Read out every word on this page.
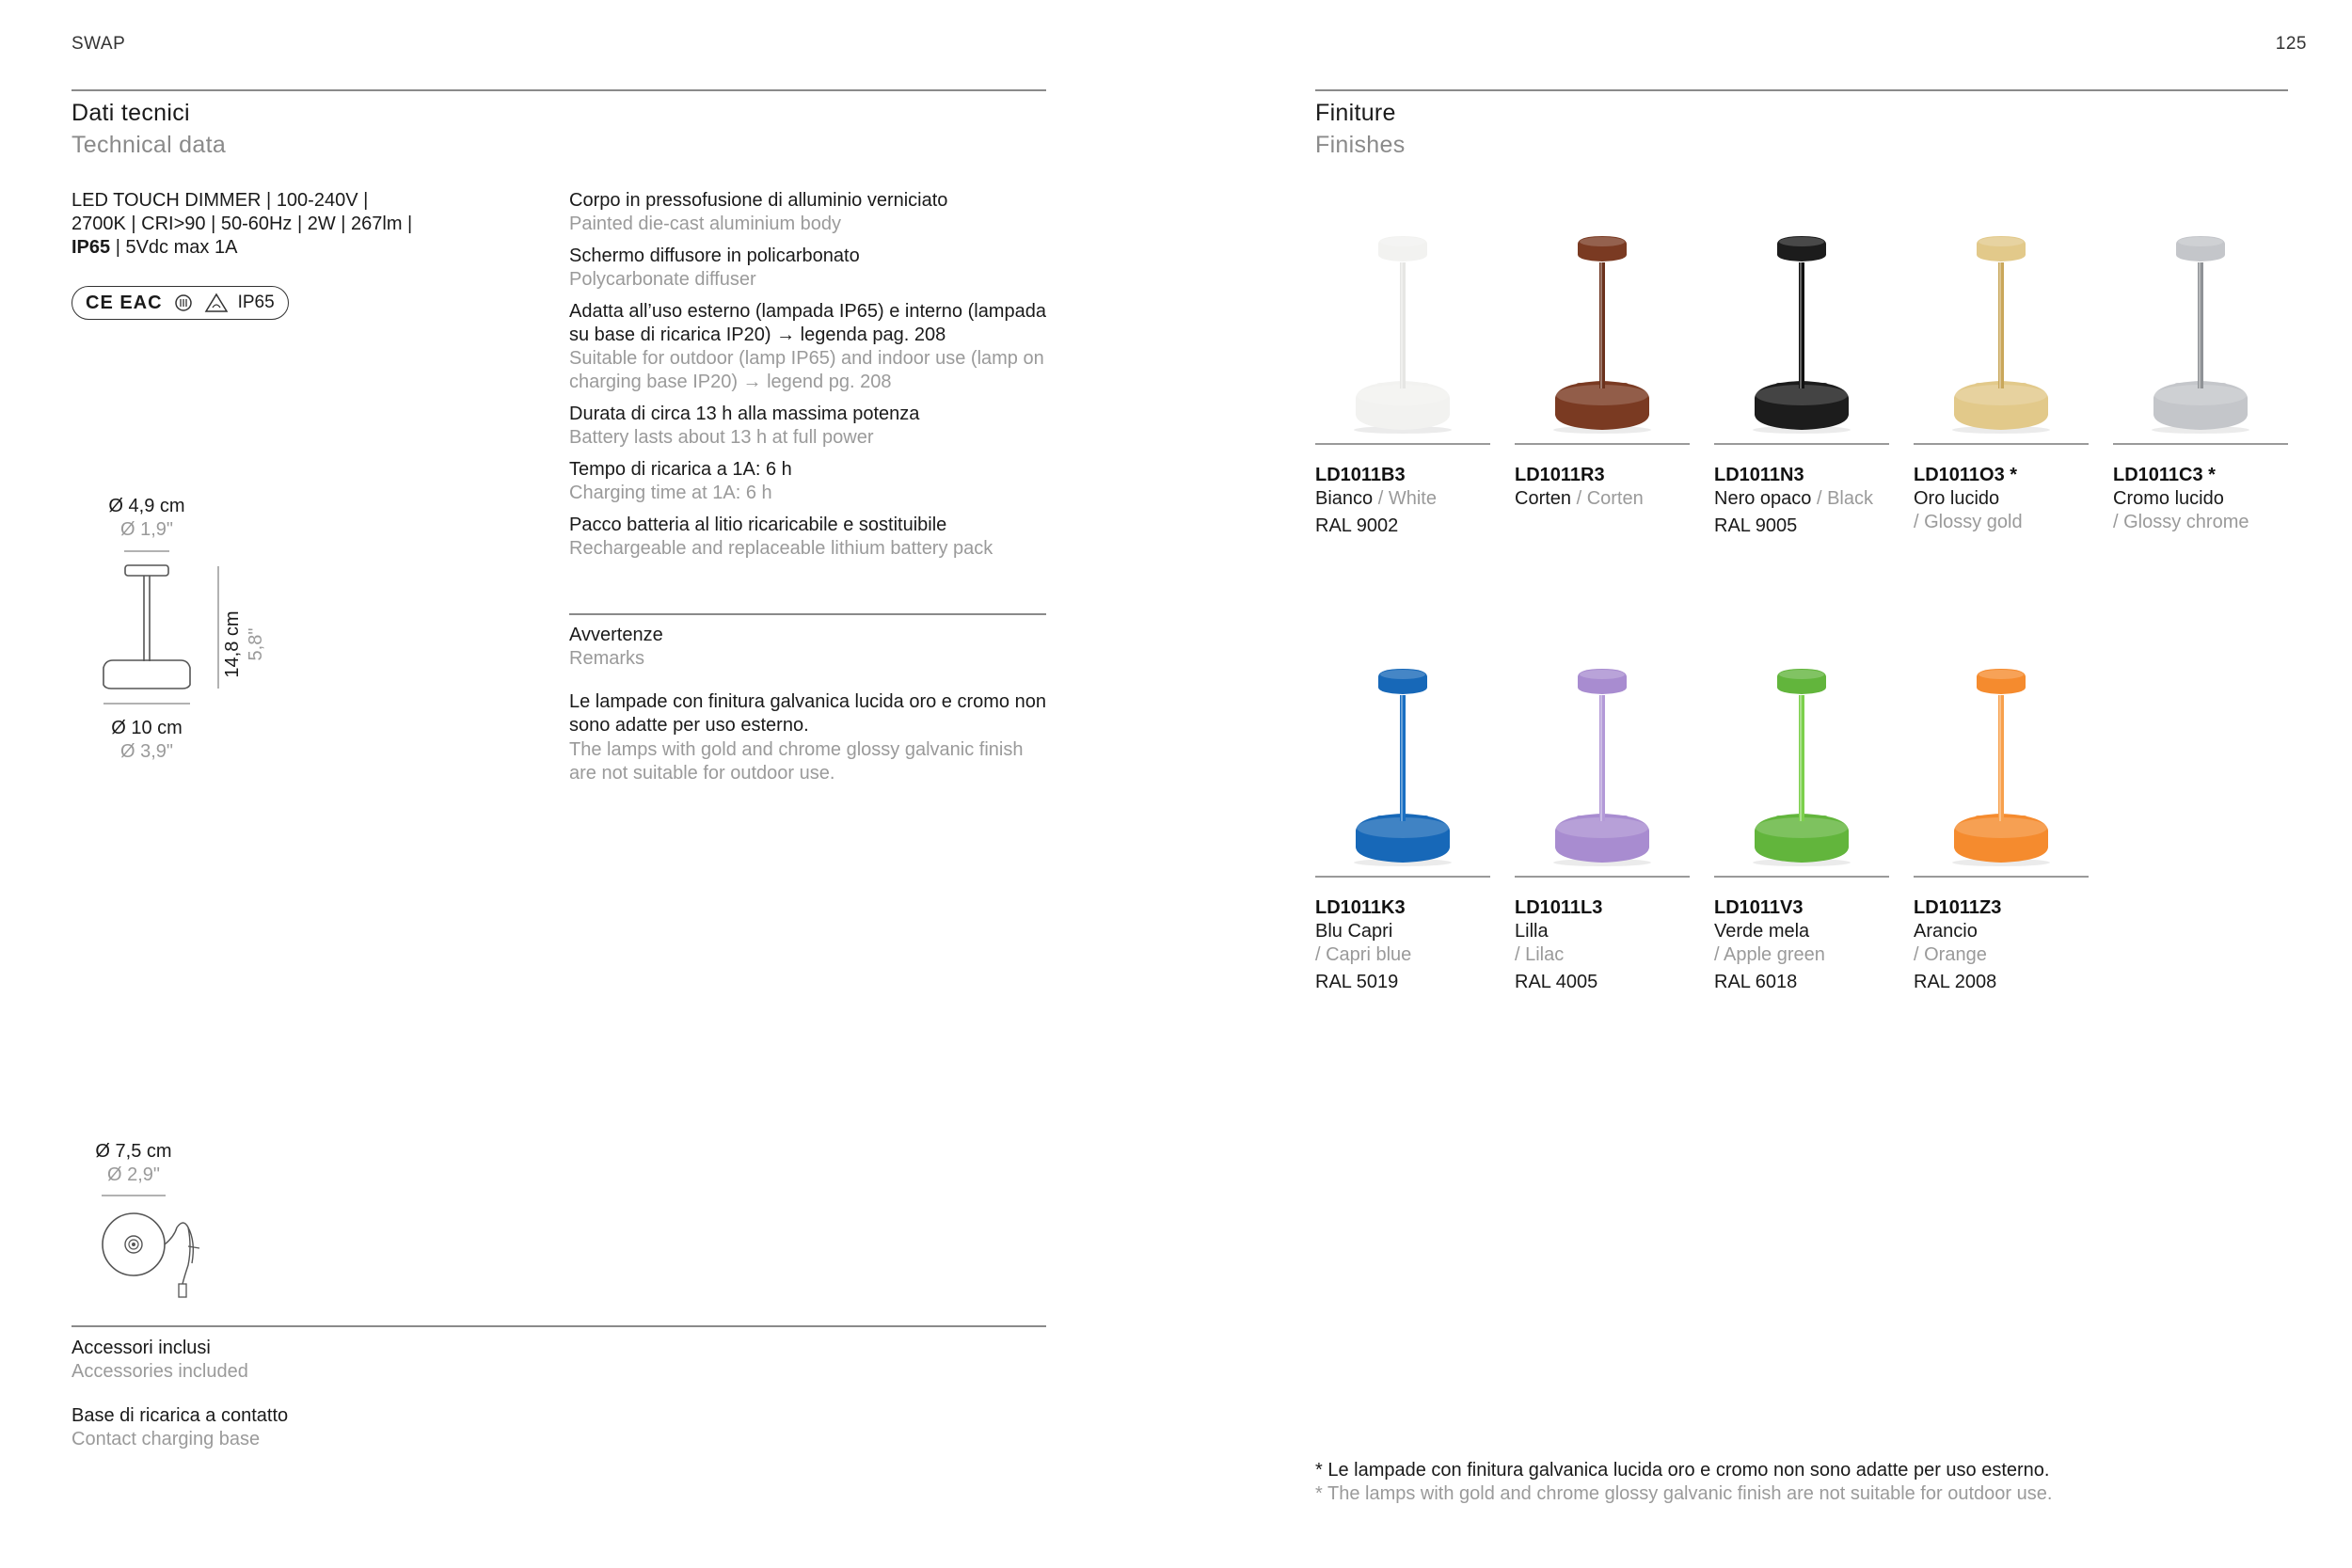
SWAP	125
Dati tecnici
Technical data
LED TOUCH DIMMER | 100-240V |
2700K | CRI>90 | 50-60Hz | 2W | 267lm |
IP65 | 5Vdc max 1A
CE EAC	IP65
Corpo in pressofusione di alluminio verniciato
Painted die-cast aluminium body
Schermo diffusore in policarbonato
Polycarbonate diffuser
Adatta all’uso esterno (lampada IP65) e interno (lampada su base di ricarica IP20) → legenda pag. 208
Suitable for outdoor (lamp IP65) and indoor use (lamp on charging base IP20) → legend pg. 208
Durata di circa 13 h alla massima potenza
Battery lasts about 13 h at full power
Tempo di ricarica a 1A: 6 h
Charging time at 1A: 6 h
Pacco batteria al litio ricaricabile e sostituibile
Rechargeable and replaceable lithium battery pack
Avvertenze
Remarks
Le lampade con finitura galvanica lucida oro e cromo non sono adatte per uso esterno.
The lamps with gold and chrome glossy galvanic finish are not suitable for outdoor use.
Ø 4,9 cm
Ø 1,9"
14,8 cm 5,8"
Ø 10 cm
Ø 3,9"
Ø 7,5 cm
Ø 2,9"
Accessori inclusi
Accessories included
Base di ricarica a contatto
Contact charging base
Finiture
Finishes
LD1011B3
Bianco / White
RAL 9002
LD1011R3
Corten / Corten
LD1011N3
Nero opaco / Black
RAL 9005
LD1011O3 *
Oro lucido
/ Glossy gold
LD1011C3 *
Cromo lucido
/ Glossy chrome
LD1011K3
Blu Capri
/ Capri blue
RAL 5019
LD1011L3
Lilla
/ Lilac
RAL 4005
LD1011V3
Verde mela
/ Apple green
RAL 6018
LD1011Z3
Arancio
/ Orange
RAL 2008
* Le lampade con finitura galvanica lucida oro e cromo non sono adatte per uso esterno.
* The lamps with gold and chrome glossy galvanic finish are not suitable for outdoor use.
